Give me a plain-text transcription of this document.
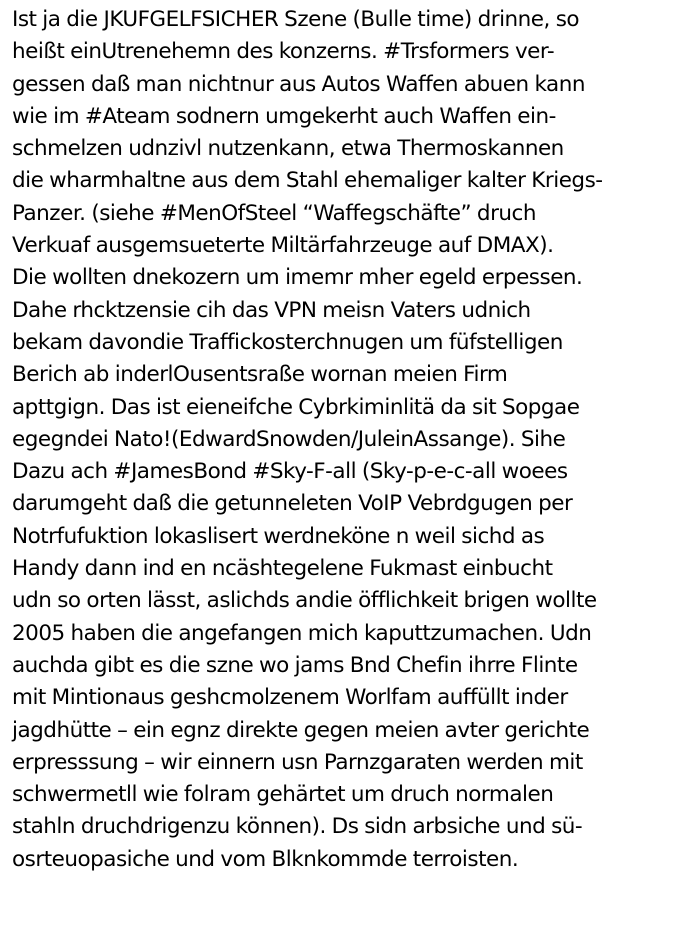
Ist ja die JKUFGELFSICHER Szene (Bulle time) drinne, so
heißt einUtrenehemn des konzerns. #Trsformers ver-
gessen daß man nichtnur aus Autos Waffen abuen kann
wie im #Ateam sodnern umgekerht auch Waffen ein-
schmelzen udnzivl nutzenkann, etwa Thermoskannen
die wharmhaltne aus dem Stahl ehemaliger kalter Kriegs-
Panzer. (siehe #MenOfSteel “Waffegschäfte” druch
Verkuaf ausgemsueterte Miltärfahrzeuge auf DMAX).
Die wollten dnekozern um imemr mher egeld erpessen.
Dahe rhcktzensie cih das VPN meisn Vaters udnich
bekam davondie Traffickosterchnugen um füfstelligen
Berich ab inderlOusentsraße wornan meien Firm
apttgign. Das ist eieneifche Cybrkiminlitä da sit Sopgae
egegndei Nato!(EdwardSnowden/JuleinAssange). Sihe
Dazu ach #JamesBond #Sky-F-all (Sky-p-e-c-all woees
darumgeht daß die getunneleten VoIP Vebrdgugen per
Notrfufuktion lokaslisert werdneköne n weil sichd as
Handy dann ind en ncäshtegelene Fukmast einbucht
udn so orten lässt, aslichds andie öfflichkeit brigen wollte
2005 haben die angefangen mich kaputtzumachen. Udn
auchda gibt es die szne wo jams Bnd Chefin ihrre Flinte
mit Mintionaus geshcmolzenem Worlfam auffüllt inder
jagdhütte – ein egnz direkte gegen meien avter gerichte
erpresssung – wir einnern usn Parnzgaraten werden mit
schwermetll wie folram gehärtet um druch normalen
stahln druchdrigenzu können). Ds sidn arbsiche und sü-
osrteuopasiche und vom Blknkommde terroisten.
